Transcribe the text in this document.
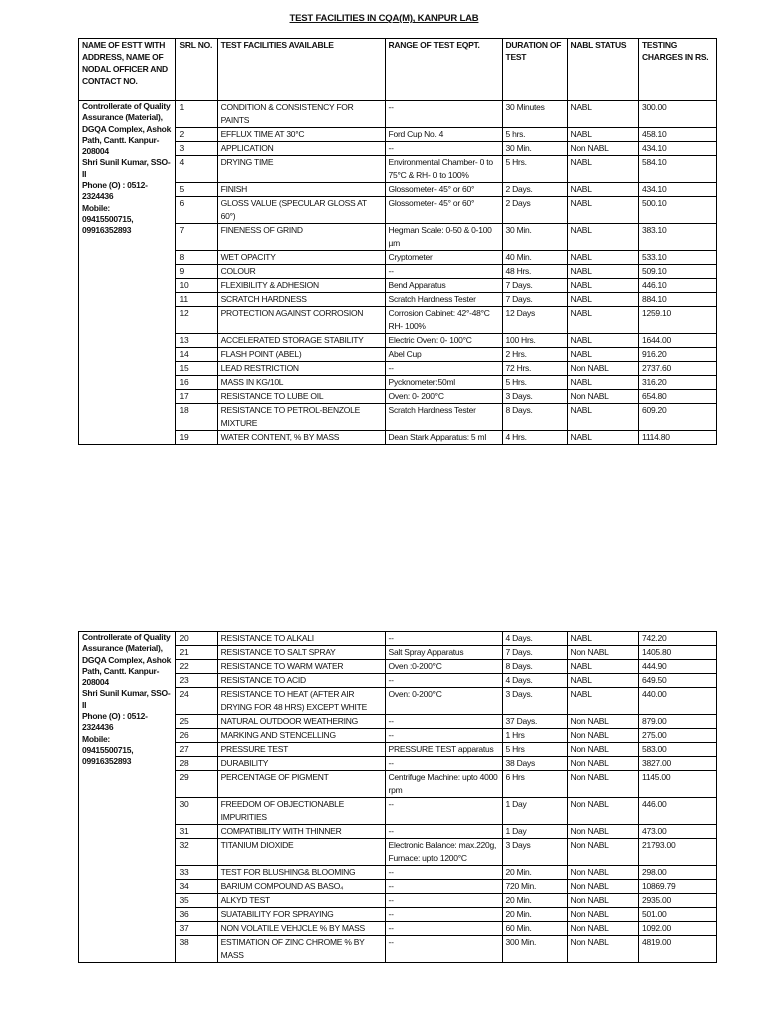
TEST FACILITIES IN CQA(M), KANPUR LAB
NAME OF ESTT WITH ADDRESS, NAME OF NODAL OFFICER AND CONTACT NO.	SRL NO.	TEST FACILITIES AVAILABLE	RANGE OF TEST EQPT.	DURATION OF TEST	NABL STATUS	TESTING CHARGES IN RS.

Controllerate of Quality Assurance (Material), DGQA Complex, Ashok Path, Cantt. Kanpur-208004
Shri Sunil Kumar, SSO-II
Phone (O) : 0512-2324436
Mobile:
09415500715, 09916352893	1	CONDITION & CONSISTENCY FOR PAINTS	--	30 Minutes	NABL	300.00
	2	EFFLUX TIME AT 30°C	Ford Cup No. 4	5 hrs.	NABL	458.10
	3	APPLICATION	--	30 Min.	Non NABL	434.10
	4	DRYING TIME	Environmental Chamber- 0 to 75°C & RH- 0 to 100%	5 Hrs.	NABL	584.10
	5	FINISH	Glossometer- 45° or 60°	2 Days.	NABL	434.10
	6	GLOSS VALUE (SPECULAR GLOSS AT 60°)	Glossometer- 45° or 60°	2 Days	NABL	500.10
	7	FINENESS OF GRIND	Hegman Scale: 0-50 & 0-100 µm	30 Min.	NABL	383.10
	8	WET OPACITY	Cryptometer	40 Min.	NABL	533.10
	9	COLOUR	--	48 Hrs.	NABL	509.10
	10	FLEXIBILITY & ADHESION	Bend Apparatus	7 Days.	NABL	446.10
	11	SCRATCH HARDNESS	Scratch Hardness Tester	7 Days.	NABL	884.10
	12	PROTECTION AGAINST CORROSION	Corrosion Cabinet: 42°-48°C RH- 100%	12 Days	NABL	1259.10
	13	ACCELERATED STORAGE STABILITY	Electric Oven: 0- 100°C	100 Hrs.	NABL	1644.00
	14	FLASH POINT (ABEL)	Abel Cup	2 Hrs.	NABL	916.20
	15	LEAD RESTRICTION	--	72 Hrs.	Non NABL	2737.60
	16	MASS IN KG/10L	Pycknometer:50ml	5 Hrs.	NABL	316.20
	17	RESISTANCE TO LUBE OIL	Oven: 0- 200°C	3 Days.	Non NABL	654.80
	18	RESISTANCE TO PETROL-BENZOLE MIXTURE	Scratch Hardness Tester	8 Days.	NABL	609.20
	19	WATER CONTENT, % BY MASS	Dean Stark Apparatus: 5 ml	4 Hrs.	NABL	1114.80
Controllerate of Quality Assurance (Material), DGQA Complex, Ashok Path, Cantt. Kanpur-208004
Shri Sunil Kumar, SSO-II
Phone (O) : 0512-2324436
Mobile:
09415500715, 09916352893	20	RESISTANCE TO ALKALI	--	4 Days.	NABL	742.20
	21	RESISTANCE TO SALT SPRAY	Salt Spray Apparatus	7 Days.	Non NABL	1405.80
	22	RESISTANCE TO WARM WATER	Oven :0-200°C	8 Days.	NABL	444.90
	23	RESISTANCE TO ACID	--	4 Days.	NABL	649.50
	24	RESISTANCE TO HEAT (AFTER AIR DRYING FOR 48 HRS) EXCEPT WHITE	Oven: 0-200°C	3 Days.	NABL	440.00
	25	NATURAL OUTDOOR WEATHERING	--	37 Days.	Non NABL	879.00
	26	MARKING AND STENCELLING	--	1 Hrs	Non NABL	275.00
	27	PRESSURE TEST	PRESSURE TEST apparatus	5 Hrs	Non NABL	583.00
	28	DURABILITY	--	38 Days	Non NABL	3827.00
	29	PERCENTAGE OF PIGMENT	Centrifuge Machine: upto 4000 rpm	6 Hrs	Non NABL	1145.00
	30	FREEDOM OF OBJECTIONABLE IMPURITIES	--	1 Day	Non NABL	446.00
	31	COMPATIBILITY WITH THINNER	--	1 Day	Non NABL	473.00
	32	TITANIUM DIOXIDE	Electronic Balance: max.220g, Furnace: upto 1200°C	3 Days	Non NABL	21793.00
	33	TEST FOR BLUSHING& BLOOMING	--	20 Min.	Non NABL	298.00
	34	BARIUM COMPOUND AS BASO₄	--	720 Min.	Non NABL	10869.79
	35	ALKYD TEST	--	20 Min.	Non NABL	2935.00
	36	SUATABILITY FOR SPRAYING	--	20 Min.	Non NABL	501.00
	37	NON VOLATILE VEHJCLE % BY MASS	--	60 Min.	Non NABL	1092.00
	38	ESTIMATION OF ZINC CHROME % BY MASS	--	300 Min.	Non NABL	4819.00
